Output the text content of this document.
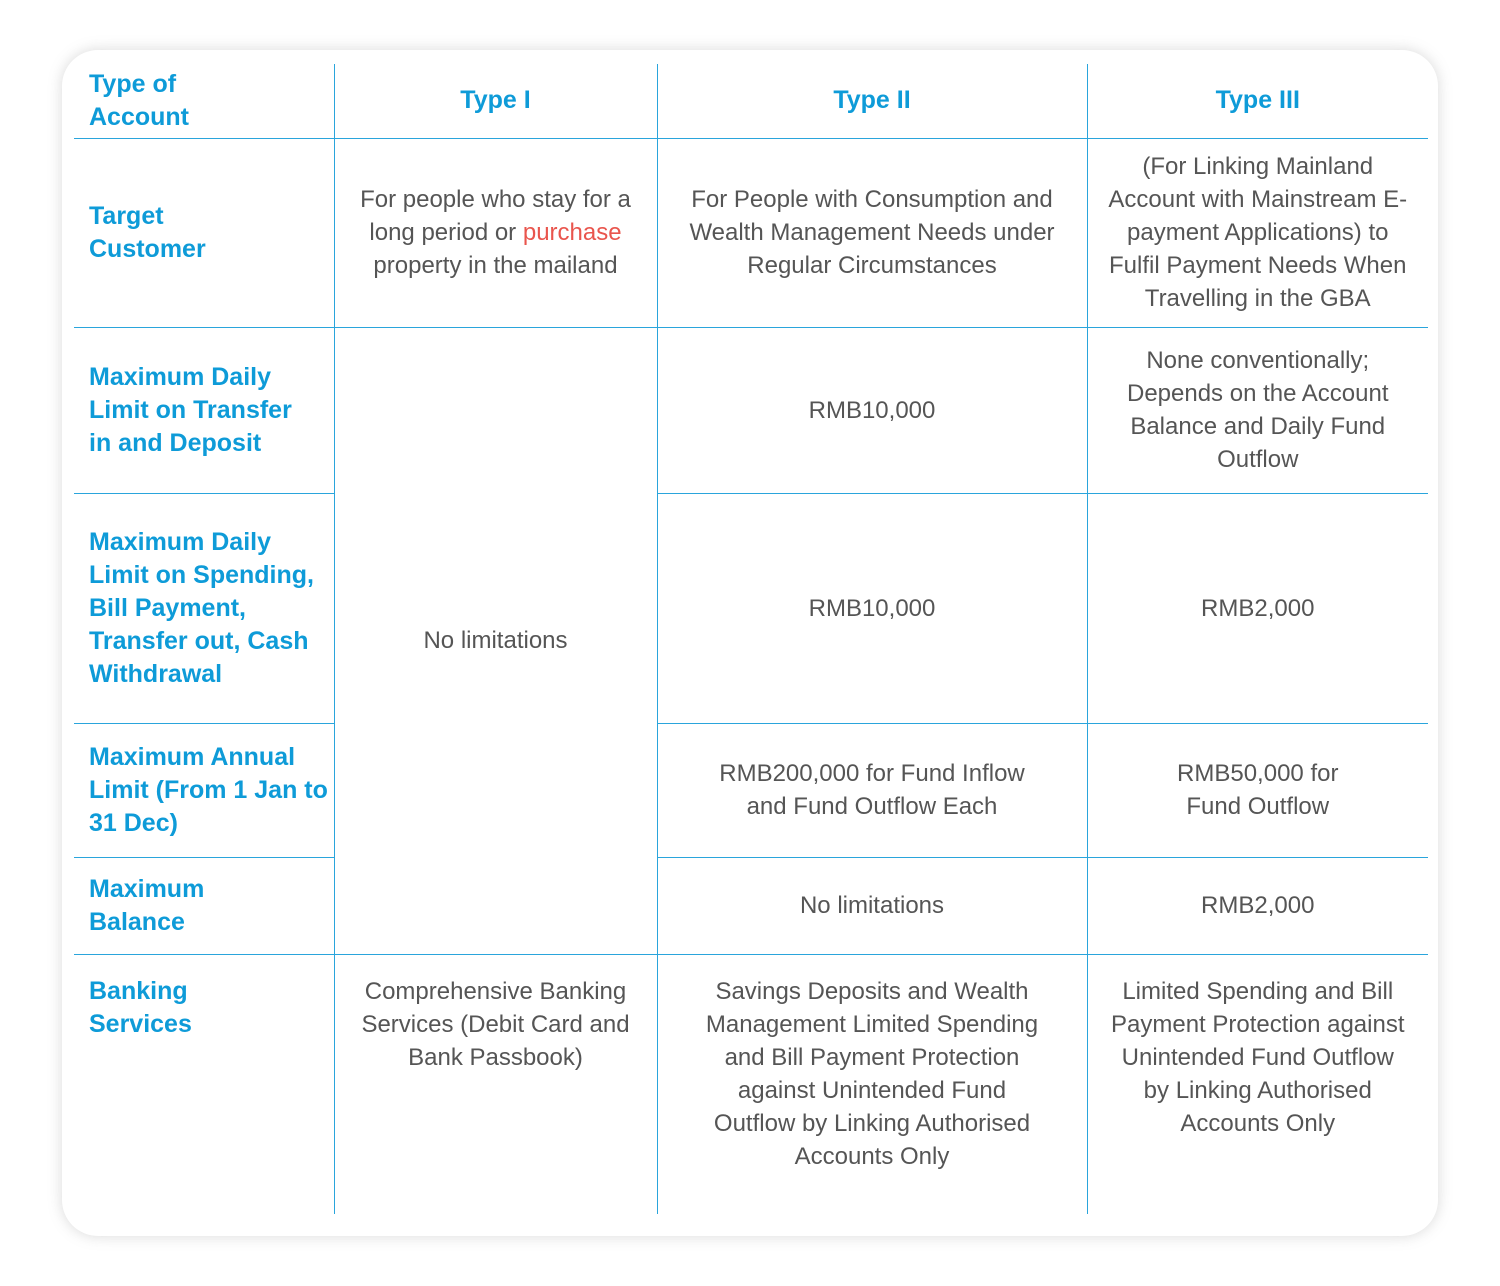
Type of Account	Type I	Type II	Type III

Target Customer	For people who stay for a long period or purchase property in the mailand	For People with Consumption and Wealth Management Needs under Regular Circumstances	(For Linking Mainland Account with Mainstream E-payment Applications) to Fulfil Payment Needs When Travelling in the GBA

Maximum Daily Limit on Transfer in and Deposit	No limitations	RMB10,000	None conventionally; Depends on the Account Balance and Daily Fund Outflow

Maximum Daily Limit on Spending, Bill Payment, Transfer out, Cash Withdrawal		RMB10,000	RMB2,000

Maximum Annual Limit (From 1 Jan to 31 Dec)		RMB200,000 for Fund Inflow and Fund Outflow Each	RMB50,000 for Fund Outflow

Maximum Balance		No limitations	RMB2,000

Banking Services	Comprehensive Banking Services (Debit Card and Bank Passbook)	Savings Deposits and Wealth Management Limited Spending and Bill Payment Protection against Unintended Fund Outflow by Linking Authorised Accounts Only	Limited Spending and Bill Payment Protection against Unintended Fund Outflow by Linking Authorised Accounts Only
